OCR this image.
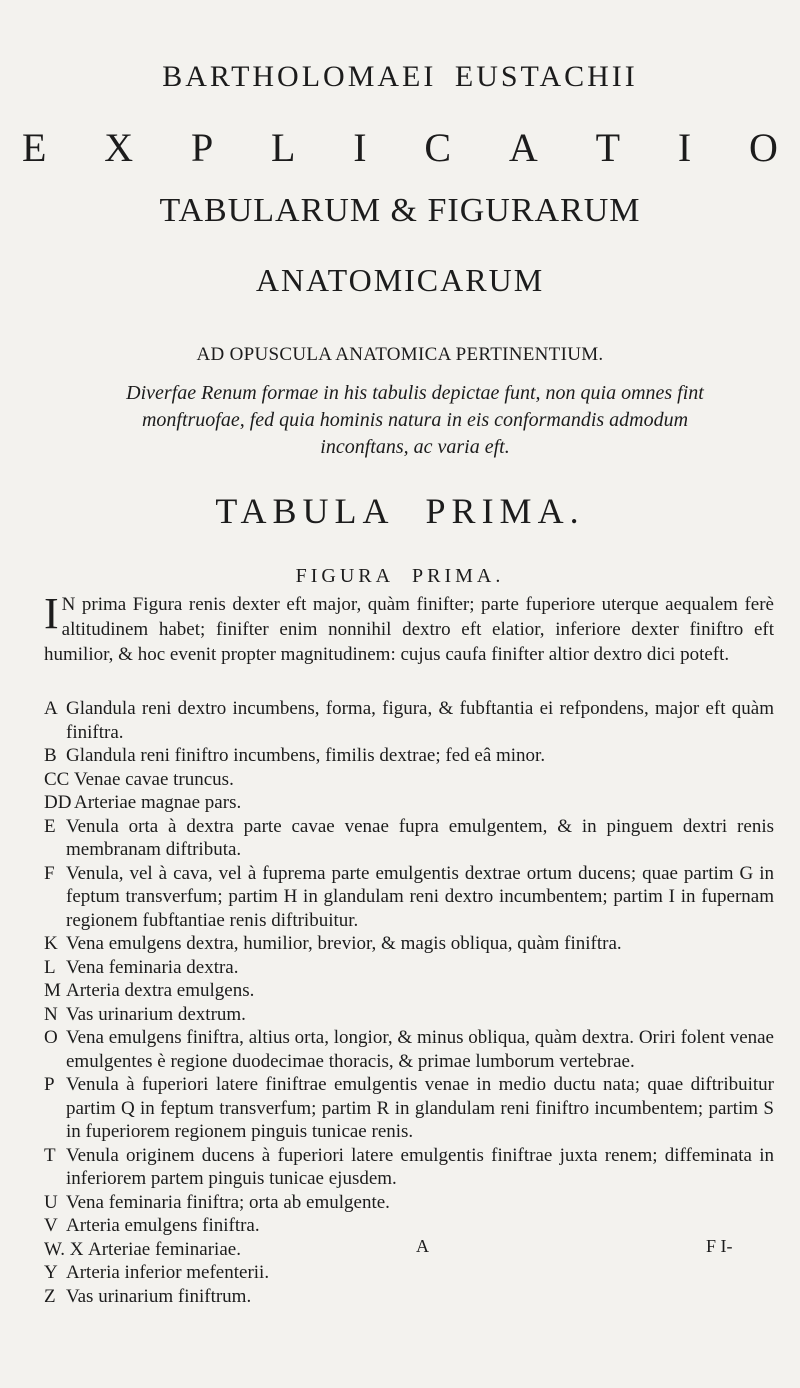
BARTHOLOMAEI EUSTACHII
E X P L I C A T I O
TABULARUM & FIGURARUM
ANATOMICARUM
AD OPUSCULA ANATOMICA PERTINENTIUM.
Diverfae Renum formae in his tabulis depictae funt, non quia omnes fint monftruofae, fed quia hominis natura in eis conformandis admodum inconftans, ac varia eft.
TABULA PRIMA.
FIGURA PRIMA.
I N prima Figura renis dexter eft major, quàm finifter; parte fuperiore uterque aequalem ferè altitudinem habet; finifter enim nonnihil dextro eft elatior, inferiore dexter finiftro eft humilior, & hoc evenit propter magnitudinem: cujus caufa finifter altior dextro dici poteft.
A Glandula reni dextro incumbens, forma, figura, & fubftantia ei refpondens, major eft quàm finiftra.
B Glandula reni finiftro incumbens, fimilis dextrae; fed eâ minor.
CC Venae cavae truncus.
DD Arteriae magnae pars.
E Venula orta à dextra parte cavae venae fupra emulgentem, & in pinguem dextri renis membranam diftributa.
F Venula, vel à cava, vel à fuprema parte emulgentis dextrae ortum ducens; quae partim G in feptum transverfum; partim H in glandulam reni dextro incumbentem; partim I in fupernam regionem fubftantiae renis diftribuitur.
K Vena emulgens dextra, humilior, brevior, & magis obliqua, quàm finiftra.
L Vena feminaria dextra.
M Arteria dextra emulgens.
N Vas urinarium dextrum.
O Vena emulgens finiftra, altius orta, longior, & minus obliqua, quàm dextra. Oriri folent venae emulgentes è regione duodecimae thoracis, & primae lumborum vertebrae.
P Venula à fuperiori latere finiftrae emulgentis venae in medio ductu nata; quae diftribuitur partim Q in feptum transverfum; partim R in glandulam reni finiftro incumbentem; partim S in fuperiorem regionem pinguis tunicae renis.
T Venula originem ducens à fuperiori latere emulgentis finiftrae juxta renem; diffeminata in inferiorem partem pinguis tunicae ejusdem.
U Vena feminaria finiftra; orta ab emulgente.
V Arteria emulgens finiftra.
W. X Arteriae feminariae.
Y Arteria inferior mefenterii.
Z Vas urinarium finiftrum.
A	F I-
